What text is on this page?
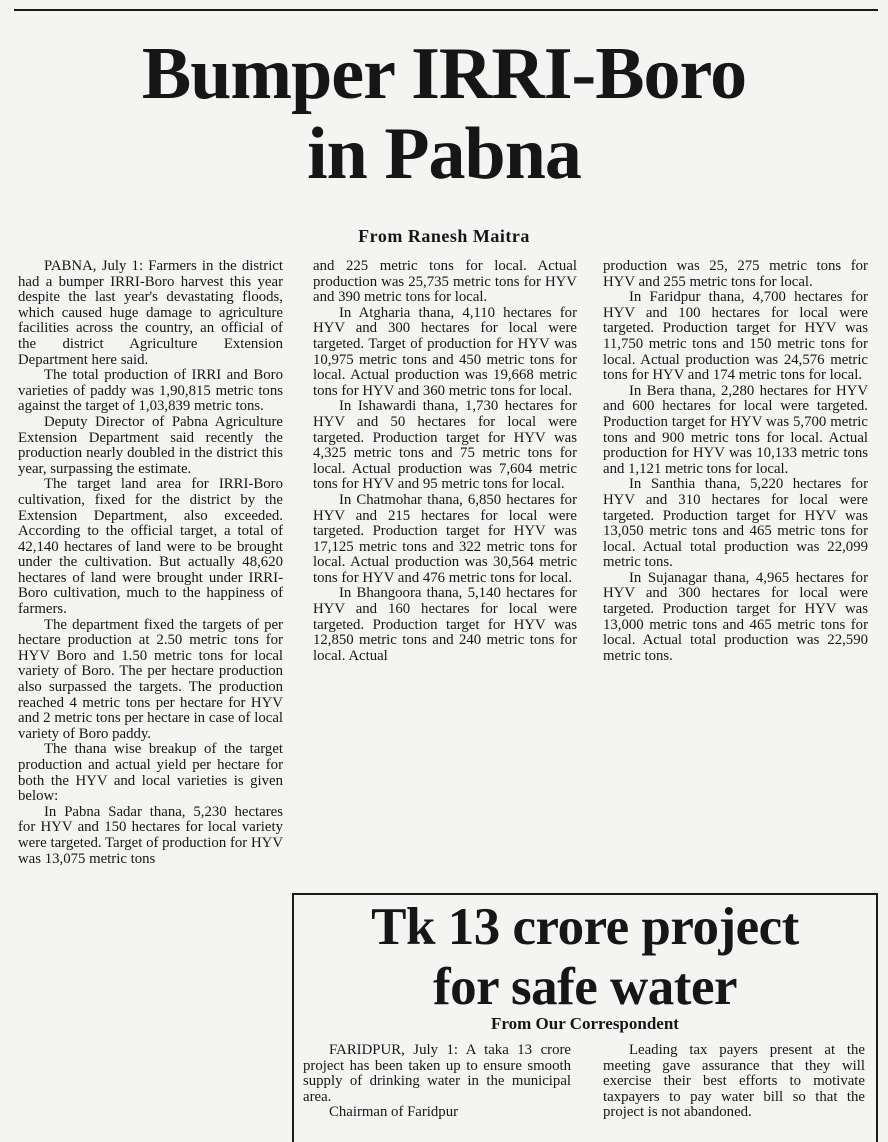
Bumper IRRI-Boro
in Pabna
From Ranesh Maitra

PABNA, July 1: Farmers in the district had a bumper IRRI-Boro harvest this year despite the last year's devastating floods, which caused huge damage to agriculture facilities across the country, an official of the district Agriculture Extension Department here said.

The total production of IRRI and Boro varieties of paddy was 1,90,815 metric tons against the target of 1,03,839 metric tons.

Deputy Director of Pabna Agriculture Extension Department said recently the production nearly doubled in the district this year, surpassing the estimate.

The target land area for IRRI-Boro cultivation, fixed for the district by the Extension Department, also exceeded. According to the official target, a total of 42,140 hectares of land were to be brought under the cultivation. But actually 48,620 hectares of land were brought under IRRI-Boro cultivation, much to the happiness of farmers.

The department fixed the targets of per hectare production at 2.50 metric tons for HYV Boro and 1.50 metric tons for local variety of Boro. The per hectare production also surpassed the targets. The production reached 4 metric tons per hectare for HYV and 2 metric tons per hectare in case of local variety of Boro paddy.

The thana wise breakup of the target production and actual yield per hectare for both the HYV and local varieties is given below:

In Pabna Sadar thana, 5,230 hectares for HYV and 150 hectares for local variety were targeted. Target of production for HYV was 13,075 metric tons

and 225 metric tons for local. Actual production was 25,735 metric tons for HYV and 390 metric tons for local.

In Atgharia thana, 4,110 hectares for HYV and 300 hectares for local were targeted. Target of production for HYV was 10,975 metric tons and 450 metric tons for local. Actual production was 19,668 metric tons for HYV and 360 metric tons for local.

In Ishawardi thana, 1,730 hectares for HYV and 50 hectares for local were targeted. Production target for HYV was 4,325 metric tons and 75 metric tons for local. Actual production was 7,604 metric tons for HYV and 95 metric tons for local.

In Chatmohar thana, 6,850 hectares for HYV and 215 hectares for local were targeted. Production target for HYV was 17,125 metric tons and 322 metric tons for local. Actual production was 30,564 metric tons for HYV and 476 metric tons for local.

In Bhangoora thana, 5,140 hectares for HYV and 160 hectares for local were targeted. Production target for HYV was 12,850 metric tons and 240 metric tons for local. Actual

production was 25, 275 metric tons for HYV and 255 metric tons for local.

In Faridpur thana, 4,700 hectares for HYV and 100 hectares for local were targeted. Production target for HYV was 11,750 metric tons and 150 metric tons for local. Actual production was 24,576 metric tons for HYV and 174 metric tons for local.

In Bera thana, 2,280 hectares for HYV and 600 hectares for local were targeted. Production target for HYV was 5,700 metric tons and 900 metric tons for local. Actual production for HYV was 10,133 metric tons and 1,121 metric tons for local.

In Santhia thana, 5,220 hectares for HYV and 310 hectares for local were targeted. Production target for HYV was 13,050 metric tons and 465 metric tons for local. Actual total production was 22,099 metric tons.

In Sujanagar thana, 4,965 hectares for HYV and 300 hectares for local were targeted. Production target for HYV was 13,000 metric tons and 465 metric tons for local. Actual total production was 22,590 metric tons.

Tk 13 crore project
for safe water
From Our Correspondent

FARIDPUR, July 1: A taka 13 crore project has been taken up to ensure smooth supply of drinking water in the municipal area.

Chairman of Faridpur

Leading tax payers present at the meeting gave assurance that they will exercise their best efforts to motivate taxpayers to pay water bill so that the project is not abandoned.
